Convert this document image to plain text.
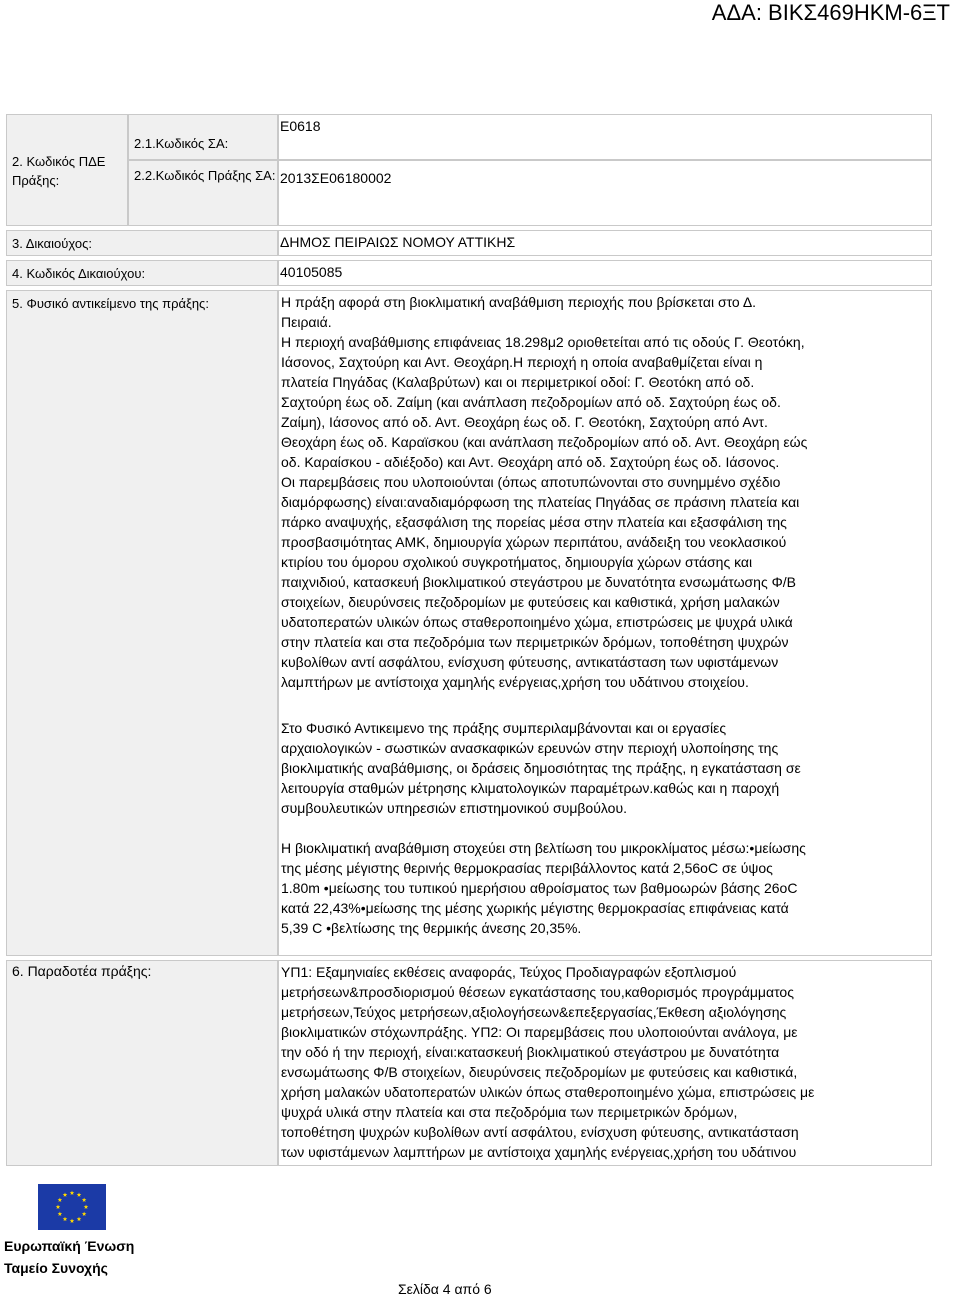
ΑΔΑ: ΒΙΚΣ469ΗΚΜ-6ΞΤ
2. Κωδικός ΠΔΕ Πράξης:
2.1.Κωδικός ΣΑ:
Ε0618
2.2.Κωδικός Πράξης ΣΑ: 2013ΣΕ06180002
3. Δικαιούχος:	ΔΗΜΟΣ ΠΕΙΡΑΙΩΣ ΝΟΜΟΥ ΑΤΤΙΚΗΣ
4. Κωδικός Δικαιούχου:	40105085
5. Φυσικό αντικείμενο της πράξης:	Η πράξη αφορά στη βιοκλιματική αναβάθμιση περιοχής που βρίσκεται στο Δ.

Πειραιά.

Η περιοχή αναβάθμισης επιφάνειας 18.298μ2 οριοθετείται από τις οδούς Γ. Θεοτόκη,

Ιάσονος, Σαχτούρη και Αντ. Θεοχάρη.Η περιοχή η οποία αναβαθμίζεται είναι η

πλατεία Πηγάδας (Καλαβρύτων) και οι περιμετρικοί οδοί: Γ. Θεοτόκη από οδ.

Σαχτούρη έως οδ. Ζαίμη (και ανάπλαση πεζοδρομίων από οδ. Σαχτούρη έως οδ.

Ζαίμη), Ιάσονος από οδ. Αντ. Θεοχάρη έως οδ. Γ. Θεοτόκη, Σαχτούρη από Αντ.

Θεοχάρη έως οδ. Καραϊσκου (και ανάπλαση πεζοδρομίων από οδ. Αντ. Θεοχάρη εώς

οδ. Καραίσκου - αδιέξοδο) και Αντ. Θεοχάρη από οδ. Σαχτούρη έως οδ. Ιάσονος.

Οι παρεμβάσεις που υλοποιούνται (όπως αποτυπώνονται στο συνημμένο σχέδιο

διαμόρφωσης) είναι:αναδιαμόρφωση της πλατείας Πηγάδας σε πράσινη πλατεία και

πάρκο αναψυχής, εξασφάλιση της πορείας μέσα στην πλατεία και εξασφάλιση της

προσβασιμότητας ΑΜΚ, δημιουργία χώρων περιπάτου, ανάδειξη του νεοκλασικού

κτιρίου του όμορου σχολικού συγκροτήματος, δημιουργία χώρων στάσης και

παιχνιδιού, κατασκευή βιοκλιματικού στεγάστρου με δυνατότητα ενσωμάτωσης Φ/Β

στοιχείων, διευρύνσεις πεζοδρομίων με φυτεύσεις και καθιστικά, χρήση μαλακών

υδατοπερατών υλικών όπως σταθεροποιημένο χώμα, επιστρώσεις με ψυχρά υλικά

στην πλατεία και στα πεζοδρόμια των περιμετρικών δρόμων, τοποθέτηση ψυχρών

κυβολίθων αντί ασφάλτου, ενίσχυση φύτευσης, αντικατάσταση των υφιστάμενων

λαμπτήρων με αντίστοιχα χαμηλής ενέργειας,χρήση του υδάτινου στοιχείου.

Στο Φυσικό Αντικειμενο της πράξης συμπεριλαμβάνονται και οι εργασίες

αρχαιολογικών - σωστικών ανασκαφικών ερευνών στην περιοχή υλοποίησης της

βιοκλιματικής αναβάθμισης, οι δράσεις δημοσιότητας της πράξης, η εγκατάσταση σε

λειτουργία σταθμών μέτρησης κλιματολογικών παραμέτρων.καθώς και η παροχή

συμβουλευτικών υπηρεσιών επιστημονικού συμβούλου.

Η βιοκλιματική αναβάθμιση στοχεύει στη βελτίωση του μικροκλίματος μέσω:•μείωσης

της μέσης μέγιστης θερινής θερμοκρασίας περιβάλλοντος κατά 2,56oC σε ύψος

1.80m •μείωσης του τυπικού ημερήσιου αθροίσματος των βαθμοωρών βάσης 26oC

κατά 22,43%•μείωσης της μέσης χωρικής μέγιστης θερμοκρασίας επιφάνειας κατά

5,39 C •βελτίωσης της θερμικής άνεσης 20,35%.

6. Παραδοτέα πράξης:	ΥΠ1: Εξαμηνιαίες εκθέσεις αναφοράς, Τεύχος Προδιαγραφών εξοπλισμού

μετρήσεων&προσδιορισμού θέσεων εγκατάστασης του,καθορισμός προγράμματος

μετρήσεων,Τεύχος μετρήσεων,αξιολογήσεων&επεξεργασίας,Έκθεση αξιολόγησης

βιοκλιματικών στόχωνπράξης. ΥΠ2: Οι παρεμβάσεις που υλοποιούνται ανάλογα, με

την οδό ή την περιοχή, είναι:κατασκευή βιοκλιματικού στεγάστρου με δυνατότητα

ενσωμάτωσης Φ/Β στοιχείων, διευρύνσεις πεζοδρομίων με φυτεύσεις και καθιστικά,

χρήση μαλακών υδατοπερατών υλικών όπως σταθεροποιημένο χώμα, επιστρώσεις με

ψυχρά υλικά στην πλατεία και στα πεζοδρόμια των περιμετρικών δρόμων,

τοποθέτηση ψυχρών κυβολίθων αντί ασφάλτου, ενίσχυση φύτευσης, αντικατάσταση

των υφιστάμενων λαμπτήρων με αντίστοιχα χαμηλής ενέργειας,χρήση του υδάτινου

Ευρωπαϊκή Ένωση
Ταμείο Συνοχής
Σελίδα 4 από 6
